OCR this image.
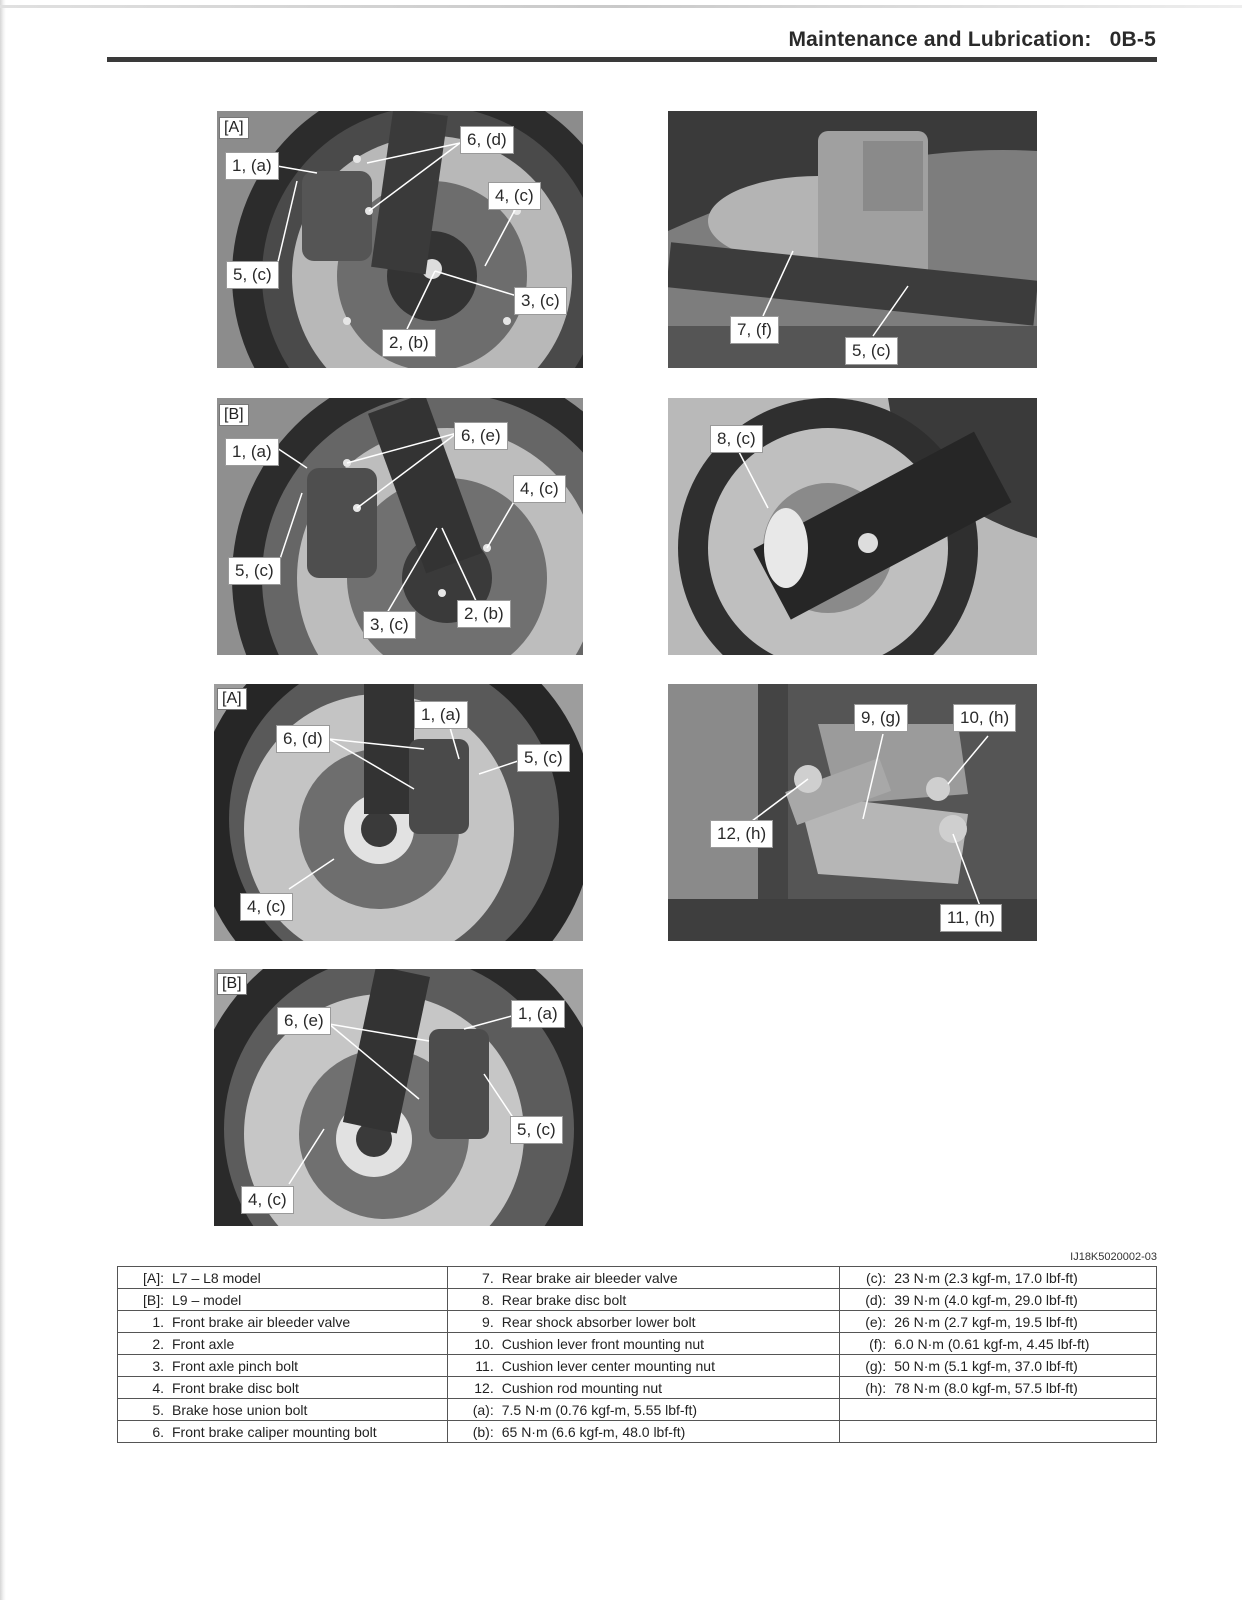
Maintenance and Lubrication:   0B-5
[A]
1, (a)
6, (d)
4, (c)
5, (c)
3, (c)
2, (b)
7, (f)
5, (c)
[B]
1, (a)
6, (e)
4, (c)
5, (c)
3, (c)
2, (b)
8, (c)
[A]
1, (a)
6, (d)
5, (c)
4, (c)
9, (g)	10, (h)
12, (h)
11, (h)
[B]
6, (e)	1, (a)
5, (c)
4, (c)
IJ18K5020002-03
[A]: L7 – L8 model	7. Rear brake air bleeder valve	(c): 23 N·m (2.3 kgf-m, 17.0 lbf-ft)
[B]: L9 – model	8. Rear brake disc bolt	(d): 39 N·m (4.0 kgf-m, 29.0 lbf-ft)
1. Front brake air bleeder valve	9. Rear shock absorber lower bolt	(e): 26 N·m (2.7 kgf-m, 19.5 lbf-ft)
2. Front axle	10. Cushion lever front mounting nut	(f): 6.0 N·m (0.61 kgf-m, 4.45 lbf-ft)
3. Front axle pinch bolt	11. Cushion lever center mounting nut	(g): 50 N·m (5.1 kgf-m, 37.0 lbf-ft)
4. Front brake disc bolt	12. Cushion rod mounting nut	(h): 78 N·m (8.0 kgf-m, 57.5 lbf-ft)
5. Brake hose union bolt	(a): 7.5 N·m (0.76 kgf-m, 5.55 lbf-ft)	
6. Front brake caliper mounting bolt	(b): 65 N·m (6.6 kgf-m, 48.0 lbf-ft)	
